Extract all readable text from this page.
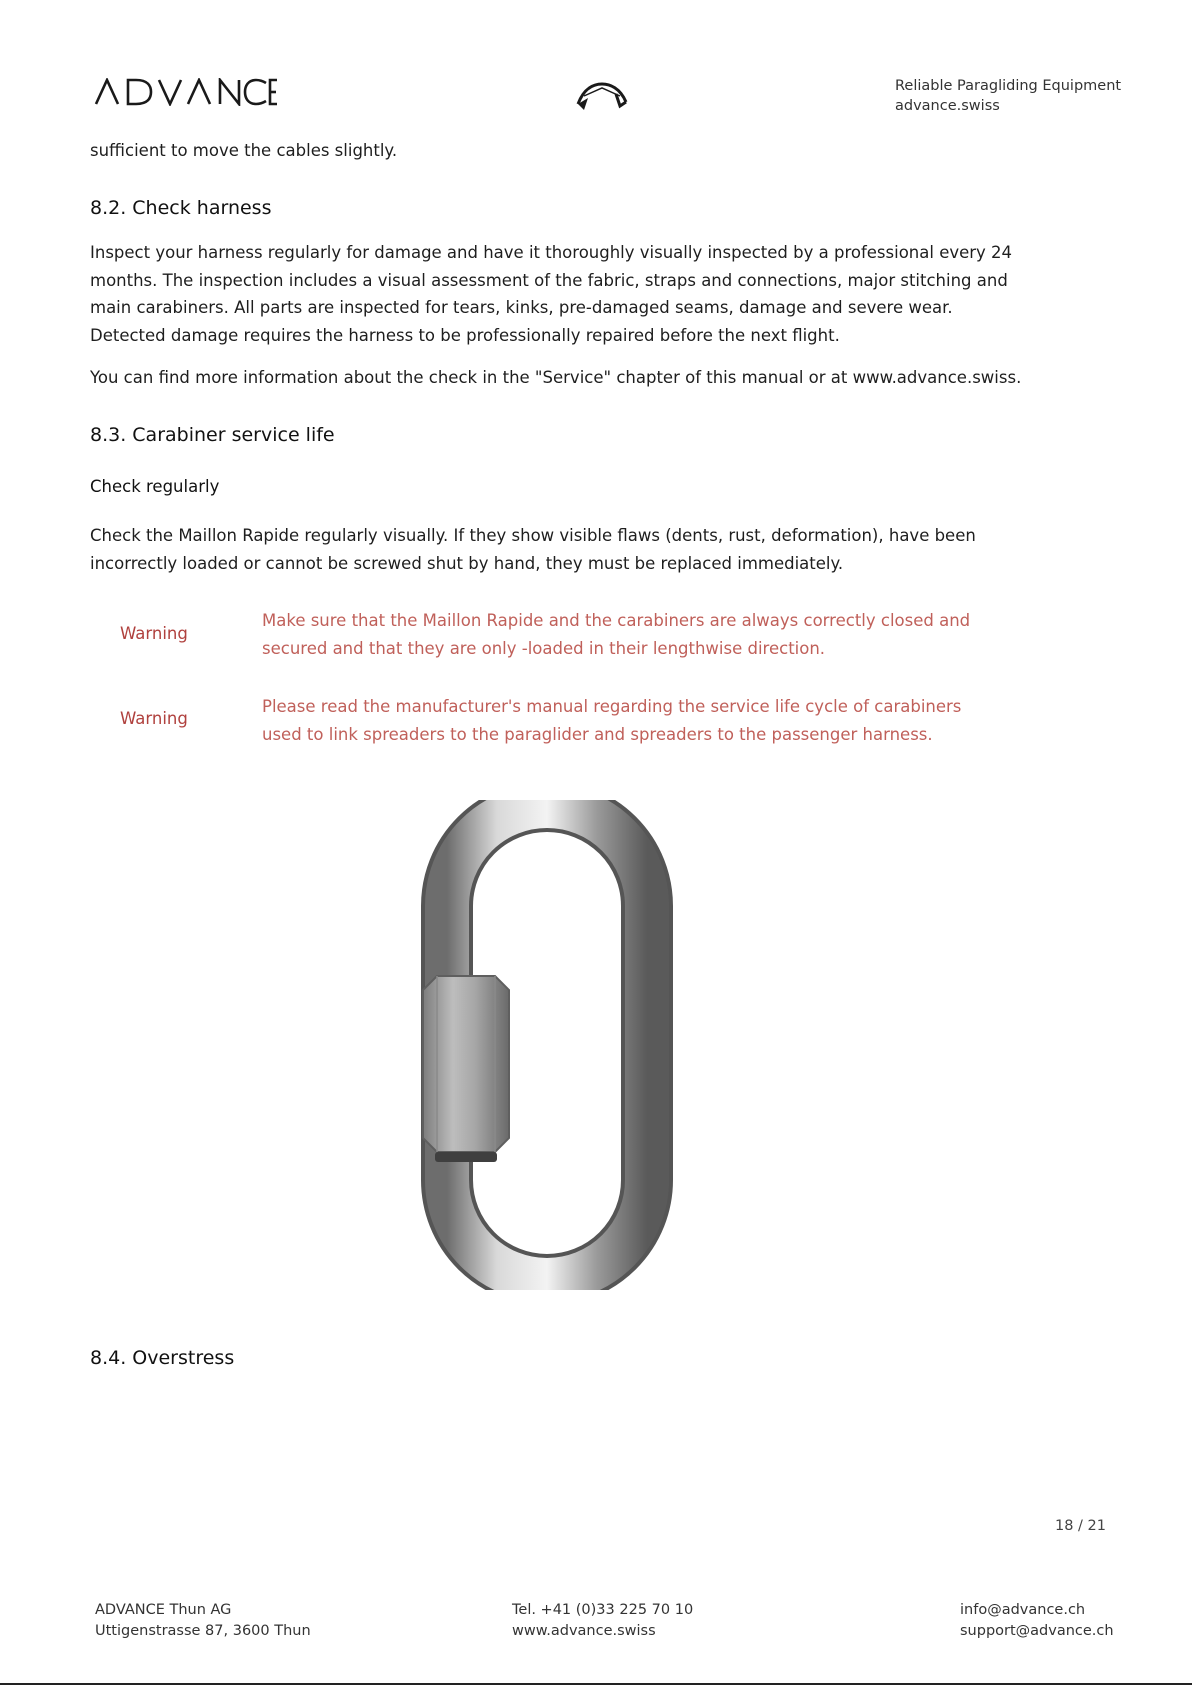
Reliable Paragliding Equipment
advance.swiss
sufficient to move the cables slightly.
8.2. Check harness
Inspect your harness regularly for damage and have it thoroughly visually inspected by a professional every 24 months. The inspection includes a visual assessment of the fabric, straps and connections, major stitching and main carabiners. All parts are inspected for tears, kinks, pre-damaged seams, damage and severe wear. Detected damage requires the harness to be professionally repaired before the next flight.
You can find more information about the check in the "Service" chapter of this manual or at www.advance.swiss.
8.3. Carabiner service life
Check regularly
Check the Maillon Rapide regularly visually. If they show visible flaws (dents, rust, deformation), have been incorrectly loaded or cannot be screwed shut by hand, they must be replaced immediately.
Warning
Make sure that the Maillon Rapide and the carabiners are always correctly closed and secured and that they are only -loaded in their lengthwise direction.
Warning
Please read the manufacturer's manual regarding the service life cycle of carabiners used to link spreaders to the paraglider and spreaders to the passenger harness.
8.4. Overstress
18 / 21
ADVANCE Thun AG
Uttigenstrasse 87, 3600 Thun
Tel. +41 (0)33 225 70 10
www.advance.swiss
info@advance.ch
support@advance.ch
